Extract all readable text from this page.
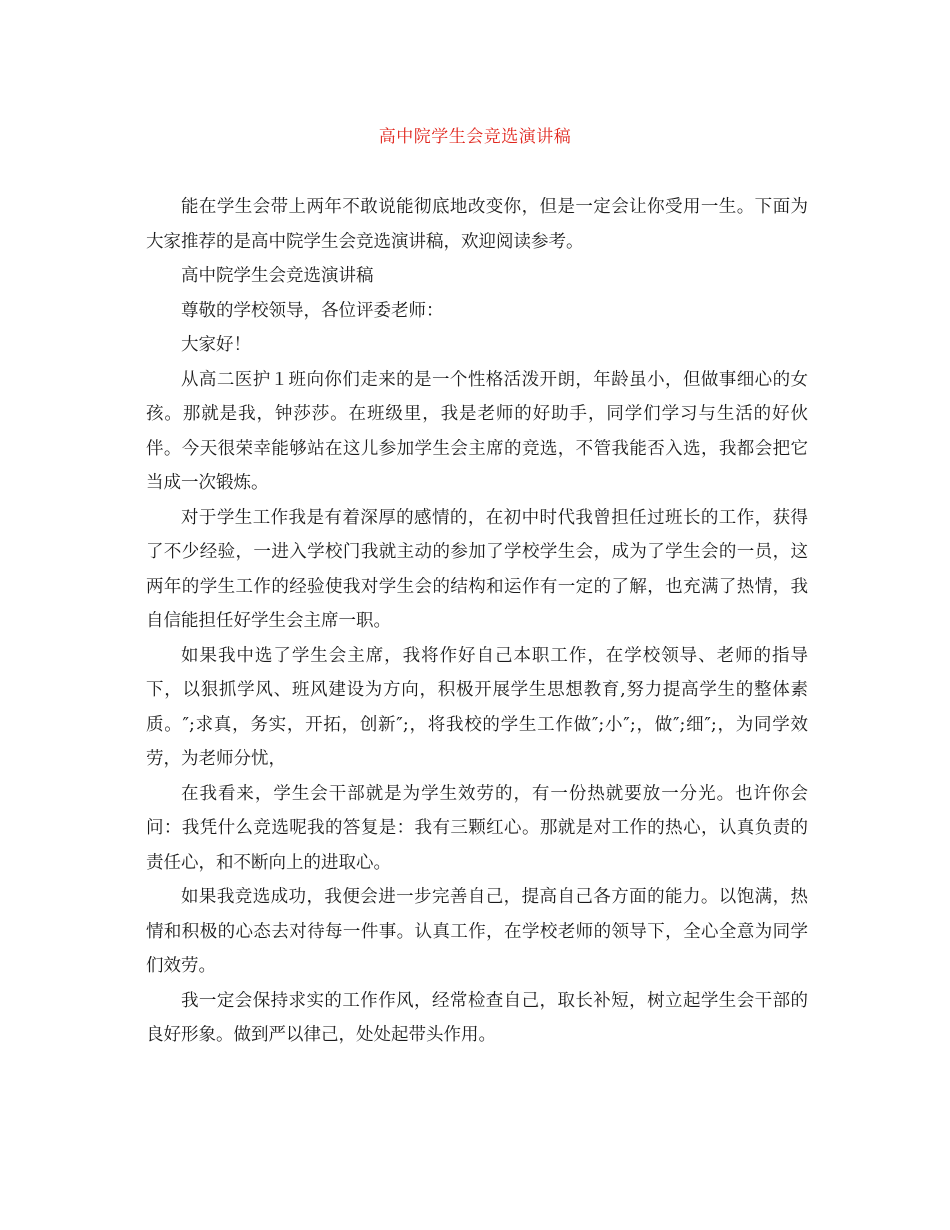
高中院学生会竞选演讲稿

能在学生会带上两年不敢说能彻底地改变你，但是一定会让你受用一生。下面为大家推荐的是高中院学生会竞选演讲稿，欢迎阅读参考。

高中院学生会竞选演讲稿

尊敬的学校领导，各位评委老师：

大家好！

从高二医护１班向你们走来的是一个性格活泼开朗，年龄虽小，但做事细心的女孩。那就是我，钟莎莎。在班级里，我是老师的好助手，同学们学习与生活的好伙伴。今天很荣幸能够站在这儿参加学生会主席的竞选，不管我能否入选，我都会把它当成一次锻炼。

对于学生工作我是有着深厚的感情的，在初中时代我曾担任过班长的工作，获得了不少经验，一进入学校门我就主动的参加了学校学生会，成为了学生会的一员，这两年的学生工作的经验使我对学生会的结构和运作有一定的了解，也充满了热情，我自信能担任好学生会主席一职。

如果我中选了学生会主席，我将作好自己本职工作，在学校领导、老师的指导下，以狠抓学风、班风建设为方向，积极开展学生思想教育,努力提高学生的整体素质。″;求真，务实，开拓，创新″;，将我校的学生工作做″;小″;，做″;细″;，为同学效劳，为老师分忧，

在我看来，学生会干部就是为学生效劳的，有一份热就要放一分光。也许你会问：我凭什么竞选呢我的答复是：我有三颗红心。那就是对工作的热心，认真负责的责任心，和不断向上的进取心。

如果我竞选成功，我便会进一步完善自己，提高自己各方面的能力。以饱满，热情和积极的心态去对待每一件事。认真工作，在学校老师的领导下，全心全意为同学们效劳。

我一定会保持求实的工作作风，经常检查自己，取长补短，树立起学生会干部的良好形象。做到严以律己，处处起带头作用。
